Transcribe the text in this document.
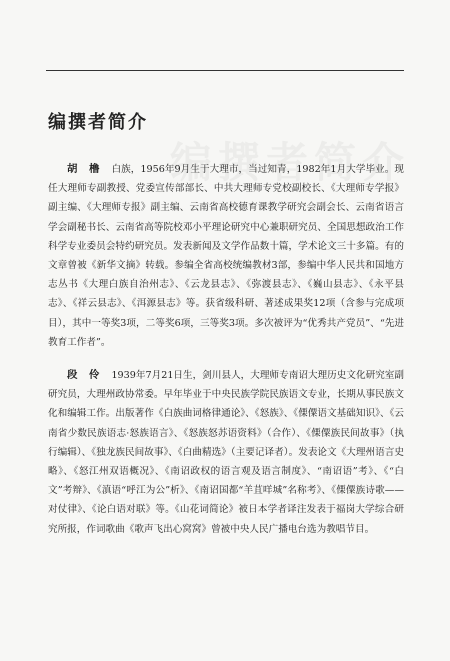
编撰者简介

胡 橹 白族，1956年9月生于大理市，当过知青，1982年1月大学毕业。现任大理师专副教授、党委宣传部部长、中共大理师专党校副校长、《大理师专学报》副主编、《大理师专报》副主编、云南省高校德育课教学研究会副会长、云南省语言学会副秘书长、云南省高等院校邓小平理论研究中心兼职研究员、全国思想政治工作科学专业委员会特约研究员。发表新闻及文学作品数十篇，学术论文三十多篇。有的文章曾被《新华文摘》转载。参编全省高校统编教材3部，参编中华人民共和国地方志丛书《大理白族自治州志》、《云龙县志》、《弥渡县志》、《巍山县志》、《永平县志》、《祥云县志》、《洱源县志》等。获省级科研、著述成果奖12项（含参与完成项目），其中一等奖3项，二等奖6项，三等奖3项。多次被评为“优秀共产党员”、“先进教育工作者”。

段 伶 1939年7月21日生，剑川县人，大理师专南诏大理历史文化研究室副研究员，大理州政协常委。早年毕业于中央民族学院民族语文专业，长期从事民族文化和编辑工作。出版著作《白族曲词格律通论》、《怒族》、《傈僳语文基础知识》、《云南省少数民族语志·怒族语言》、《怒族怒苏语资料》（合作）、《傈僳族民间故事》（执行编辑）、《独龙族民间故事》、《白曲精选》（主要记译者）。发表论文《大理州语言史略》、《怒江州双语概况》、《南诏政权的语言观及语言制度》、“南诏语”考》、《“白文”考辩》、《滇语“呼江为公”析》、《南诏国都“羊苴咩城”名称考》、《傈僳族诗歌——对仗律》、《论白语对联》等。《山花词简论》被日本学者译注发表于福岗大学综合研究所报，作词歌曲《歌声飞出心窝窝》曾被中央人民广播电台选为教唱节目。
